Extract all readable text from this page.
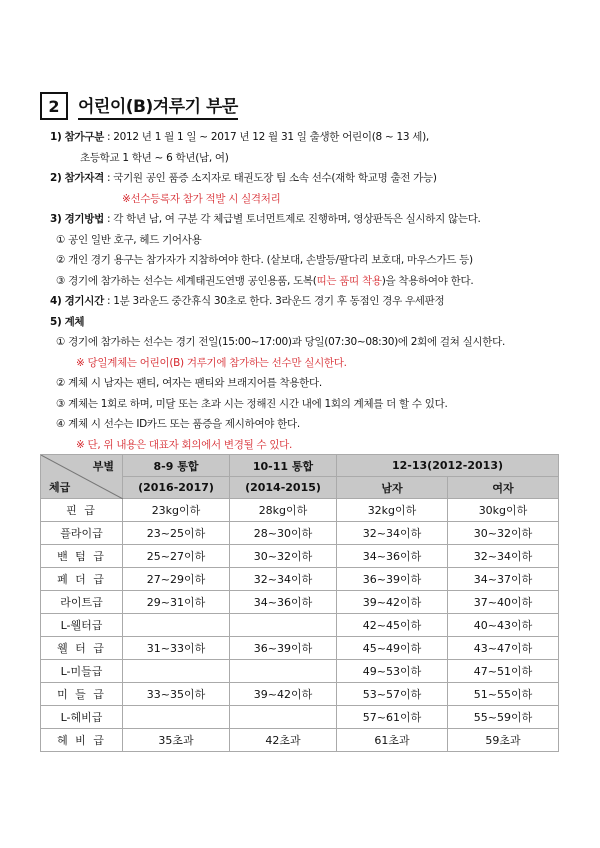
2	어린이(B)겨루기 부문
1) 참가구분 : 2012 년 1 월 1 일 ~ 2017 년 12 월 31 일 출생한 어린이(8 ~ 13 세),
초등학교 1 학년 ~ 6 학년(남, 여)
2) 참가자격 : 국기원 공인 품증 소지자로 태권도장 팀 소속 선수(재학 학교명 출전 가능)
※선수등록자 참가 적발 시 실격처리
3) 경기방법 : 각 학년 남, 여 구분 각 체급별 토너먼트제로 진행하며, 영상판독은 실시하지 않는다.
① 공인 일반 호구, 헤드 기어사용
② 개인 경기 용구는 참가자가 지참하여야 한다. (샅보대, 손발등/팔다리 보호대, 마우스가드 등)
③ 경기에 참가하는 선수는 세계태권도연맹 공인용품, 도복(띠는 품띠 착용)을 착용하여야 한다.
4) 경기시간 : 1분 3라운드 중간휴식 30초로 한다. 3라운드 경기 후 동점인 경우 우세판정
5) 계체
① 경기에 참가하는 선수는 경기 전일(15:00~17:00)과 당일(07:30~08:30)에 2회에 걸쳐 실시한다.
※ 당일계체는 어린이(B) 겨루기에 참가하는 선수만 실시한다.
② 계체 시 남자는 팬티, 여자는 팬티와 브래지어를 착용한다.
③ 계체는 1회로 하며, 미달 또는 초과 시는 정해진 시간 내에 1회의 계체를 더 할 수 있다.
④ 계체 시 선수는 ID카드 또는 품증을 제시하여야 한다.
※ 단, 위 내용은 대표자 회의에서 변경될 수 있다.
부별
체급	8-9 통합	10-11 통합	12-13(2012-2013)	
	(2016-2017)	(2014-2015)	남자	여자
핀 급	23kg이하	28kg이하	32kg이하	30kg이하
플라이급	23~25이하	28~30이하	32~34이하	30~32이하
밴 텀 급	25~27이하	30~32이하	34~36이하	32~34이하
페 더 급	27~29이하	32~34이하	36~39이하	34~37이하
라이트급	29~31이하	34~36이하	39~42이하	37~40이하
L-웰터급			42~45이하	40~43이하
웰 터 급	31~33이하	36~39이하	45~49이하	43~47이하
L-미들급			49~53이하	47~51이하
미 들 급	33~35이하	39~42이하	53~57이하	51~55이하
L-헤비급			57~61이하	55~59이하
헤 비 급	35초과	42초과	61초과	59초과
